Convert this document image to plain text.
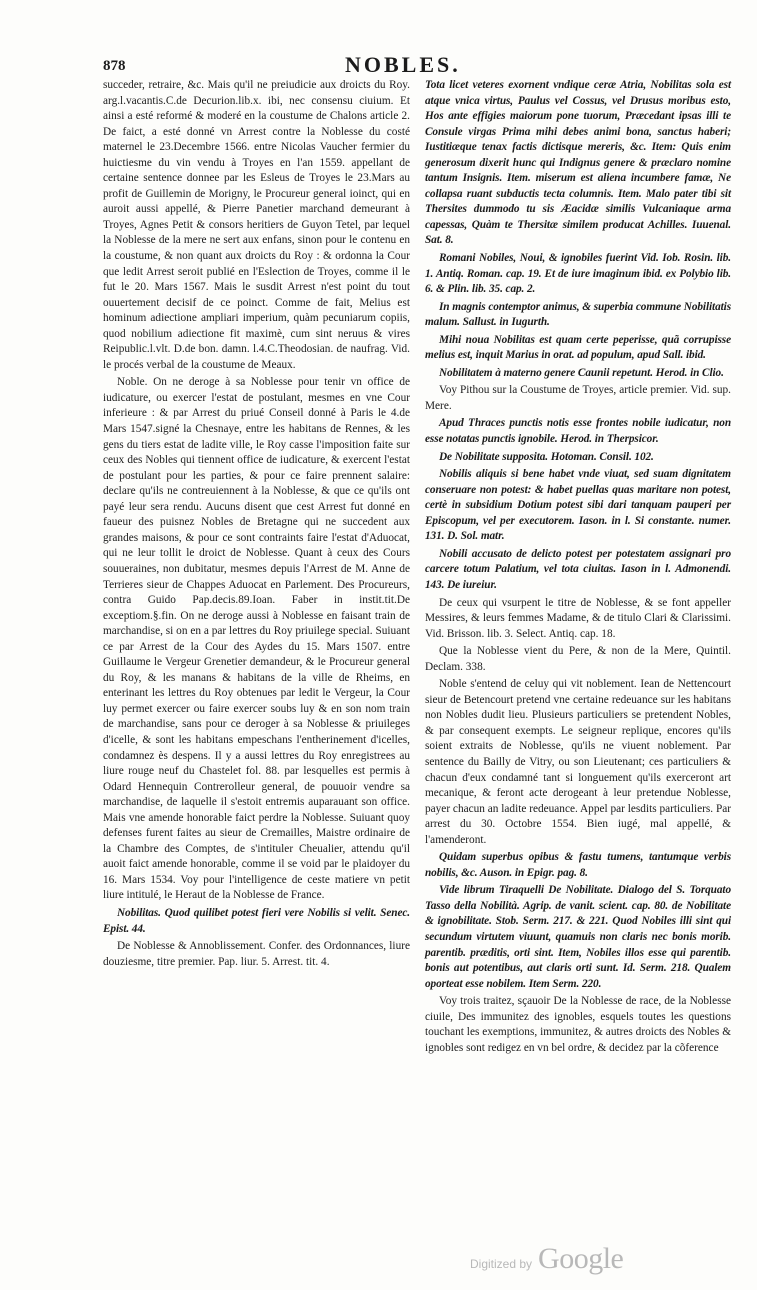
878	NOBLES.

succeder, retraire, &c. Mais qu'il ne preiudicie aux droicts du Roy. arg.l.vacantis.C.de Decurion.lib.x. ibi, nec consensu ciuium. Et ainsi a esté reformé & moderé en la coustume de Chalons article 2. De faict, a esté donné vn Arrest contre la Noblesse du costé maternel le 23.Decembre 1566. entre Nicolas Vaucher fermier du huictiesme du vin vendu à Troyes en l'an 1559. appellant de certaine sentence donnee par les Esleus de Troyes le 23.Mars au profit de Guillemin de Morigny, le Procureur general ioinct, qui en auroit aussi appellé, & Pierre Panetier marchand demeurant à Troyes, Agnes Petit & consors heritiers de Guyon Tetel, par lequel la Noblesse de la mere ne sert aux enfans, sinon pour le contenu en la coustume, & non quant aux droicts du Roy : & ordonna la Cour que ledit Arrest seroit publié en l'Eslection de Troyes, comme il le fut le 20. Mars 1567. Mais le susdit Arrest n'est point du tout ouuertement decisif de ce poinct. Comme de fait, Melius est hominum adiectione ampliari imperium, quàm pecuniarum copiis, quod nobilium adiectione fit maximè, cum sint neruus & vires Reipublic.l.vlt. D.de bon. damn. l.4.C.Theodosian. de naufrag. Vid. le procés verbal de la coustume de Meaux.

Noble. On ne deroge à sa Noblesse pour tenir vn office de iudicature, ou exercer l'estat de postulant, mesmes en vne Cour inferieure : & par Arrest du priué Conseil donné à Paris le 4.de Mars 1547.signé la Chesnaye, entre les habitans de Rennes, & les gens du tiers estat de ladite ville, le Roy casse l'imposition faite sur ceux des Nobles qui tiennent office de iudicature, & exercent l'estat de postulant pour les parties, & pour ce faire prennent salaire: declare qu'ils ne contreuiennent à la Noblesse, & que ce qu'ils ont payé leur sera rendu. Aucuns disent que cest Arrest fut donné en faueur des puisnez Nobles de Bretagne qui ne succedent aux grandes maisons, & pour ce sont contraints faire l'estat d'Aduocat, qui ne leur tollit le droict de Noblesse. Quant à ceux des Cours souueraines, non dubitatur, mesmes depuis l'Arrest de M. Anne de Terrieres sieur de Chappes Aduocat en Parlement. Des Procureurs, contra Guido Pap.decis.89.Ioan. Faber in instit.tit.De exceptiom.§.fin. On ne deroge aussi à Noblesse en faisant train de marchandise, si on en a par lettres du Roy priuilege special. Suiuant ce par Arrest de la Cour des Aydes du 15. Mars 1507. entre Guillaume le Vergeur Grenetier demandeur, & le Procureur general du Roy, & les manans & habitans de la ville de Rheims, en enterinant les lettres du Roy obtenues par ledit le Vergeur, la Cour luy permet exercer ou faire exercer soubs luy & en son nom train de marchandise, sans pour ce deroger à sa Noblesse & priuileges d'icelle, & sont les habitans empeschans l'entherinement d'icelles, condamnez ès despens. Il y a aussi lettres du Roy enregistrees au liure rouge neuf du Chastelet fol. 88. par lesquelles est permis à Odard Hennequin Contrerolleur general, de pouuoir vendre sa marchandise, de laquelle il s'estoit entremis auparauant son office. Mais vne amende honorable faict perdre la Noblesse. Suiuant quoy defenses furent faites au sieur de Cremailles, Maistre ordinaire de la Chambre des Comptes, de s'intituler Cheualier, attendu qu'il auoit faict amende honorable, comme il se void par le plaidoyer du 16. Mars 1534. Voy pour l'intelligence de ceste matiere vn petit liure intitulé, le Heraut de la Noblesse de France.

Nobilitas. Quod quilibet potest fieri vere Nobilis si velit. Senec. Epist. 44.

De Noblesse & Annoblissement. Confer. des Ordonnances, liure douziesme, titre premier. Pap. liur. 5. Arrest. tit. 4.

Tota licet veteres exornent vndique ceræ Atria, Nobilitas sola est atque vnica virtus, Paulus vel Cossus, vel Drusus moribus esto, Hos ante effigies maiorum pone tuorum, Præcedant ipsas illi te Consule virgas Prima mihi debes animi bona, sanctus haberi; Iustitiæque tenax factis dictisque mereris, &c. Item: Quis enim generosum dixerit hunc qui Indignus genere & præclaro nomine tantum Insignis. Item. miserum est aliena incumbere famæ, Ne collapsa ruant subductis tecta columnis. Item. Malo pater tibi sit Thersites dummodo tu sis Æacidæ similis Vulcaniaque arma capessas, Quàm te Thersitæ similem producat Achilles. Iuuenal. Sat. 8.

Romani Nobiles, Noui, & ignobiles fuerint Vid. Iob. Rosin. lib. 1. Antiq. Roman. cap. 19. Et de iure imaginum ibid. ex Polybio lib. 6. & Plin. lib. 35. cap. 2.

In magnis contemptor animus, & superbia commune Nobilitatis malum. Sallust. in Iugurth.

Mihi noua Nobilitas est quam certe peperisse, quã corrupisse melius est, inquit Marius in orat. ad populum, apud Sall. ibid.

Nobilitatem à materno genere Caunii repetunt. Herod. in Clio.

Voy Pithou sur la Coustume de Troyes, article premier. Vid. sup. Mere.

Apud Thraces punctis notis esse frontes nobile iudicatur, non esse notatas punctis ignobile. Herod. in Therpsicor.

De Nobilitate supposita. Hotoman. Consil. 102.

Nobilis aliquis si bene habet vnde viuat, sed suam dignitatem conseruare non potest: & habet puellas quas maritare non potest, certè in subsidium Dotium potest sibi dari tanquam pauperi per Episcopum, vel per executorem. Iason. in l. Si constante. numer. 131. D. Sol. matr.

Nobili accusato de delicto potest per potestatem assignari pro carcere totum Palatium, vel tota ciuitas. Iason in l. Admonendi. 143. De iureiur.

De ceux qui vsurpent le titre de Noblesse, & se font appeller Messires, & leurs femmes Madame, & de titulo Clari & Clarissimi. Vid. Brisson. lib. 3. Select. Antiq. cap. 18.

Que la Noblesse vient du Pere, & non de la Mere, Quintil. Declam. 338.

Noble s'entend de celuy qui vit noblement. Iean de Nettencourt sieur de Betencourt pretend vne certaine redeuance sur les habitans non Nobles dudit lieu. Plusieurs particuliers se pretendent Nobles, & par consequent exempts. Le seigneur replique, encores qu'ils soient extraits de Noblesse, qu'ils ne viuent noblement. Par sentence du Bailly de Vitry, ou son Lieutenant; ces particuliers & chacun d'eux condamné tant si longuement qu'ils exerceront art mecanique, & feront acte derogeant à leur pretendue Noblesse, payer chacun an ladite redeuance. Appel par lesdits particuliers. Par arrest du 30. Octobre 1554. Bien iugé, mal appellé, & l'amenderont.

Quidam superbus opibus & fastu tumens, tantumque verbis nobilis, &c. Auson. in Epigr. pag. 8.

Vide librum Tiraquelli De Nobilitate. Dialogo del S. Torquato Tasso della Nobilità. Agrip. de vanit. scient. cap. 80. de Nobilitate & ignobilitate. Stob. Serm. 217. & 221. Quod Nobiles illi sint qui secundum virtutem viuunt, quamuis non claris nec bonis morib. parentib. præditis, orti sint. Item, Nobiles illos esse qui parentib. bonis aut potentibus, aut claris orti sunt. Id. Serm. 218. Qualem oporteat esse nobilem. Item Serm. 220.

Voy trois traitez, sçauoir De la Noblesse de race, de la Noblesse ciuile, Des immunitez des ignobles, esquels toutes les questions touchant les exemptions, immunitez, & autres droicts des Nobles & ignobles sont redigez en vn bel ordre, & decidez par la cõference

Digitized by Google
